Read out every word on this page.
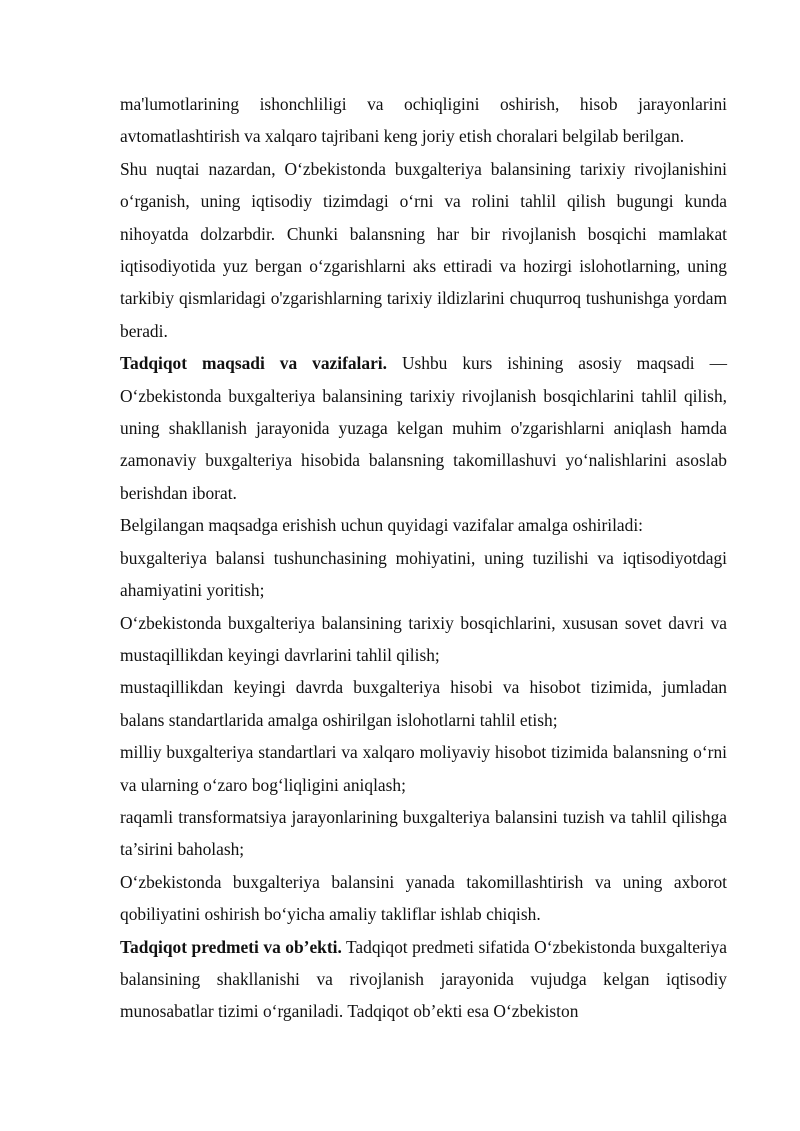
ma'lumotlarining ishonchliligi va ochiqligini oshirish, hisob jarayonlarini avtomatlashtirish va xalqaro tajribani keng joriy etish choralari belgilab berilgan.

Shu nuqtai nazardan, O‘zbekistonda buxgalteriya balansining tarixiy rivojlanishini o‘rganish, uning iqtisodiy tizimdagi o‘rni va rolini tahlil qilish bugungi kunda nihoyatda dolzarbdir. Chunki balansning har bir rivojlanish bosqichi mamlakat iqtisodiyotida yuz bergan o‘zgarishlarni aks ettiradi va hozirgi islohotlarning, uning tarkibiy qismlaridagi o'zgarishlarning tarixiy ildizlarini chuqurroq tushunishga yordam beradi.

Tadqiqot maqsadi va vazifalari. Ushbu kurs ishining asosiy maqsadi — O‘zbekistonda buxgalteriya balansining tarixiy rivojlanish bosqichlarini tahlil qilish, uning shakllanish jarayonida yuzaga kelgan muhim o'zgarishlarni aniqlash hamda zamonaviy buxgalteriya hisobida balansning takomillashuvi yo‘nalishlarini asoslab berishdan iborat.

Belgilangan maqsadga erishish uchun quyidagi vazifalar amalga oshiriladi:

buxgalteriya balansi tushunchasining mohiyatini, uning tuzilishi va iqtisodiyotdagi ahamiyatini yoritish;

O‘zbekistonda buxgalteriya balansining tarixiy bosqichlarini, xususan sovet davri va mustaqillikdan keyingi davrlarini tahlil qilish;

mustaqillikdan keyingi davrda buxgalteriya hisobi va hisobot tizimida, jumladan balans standartlarida amalga oshirilgan islohotlarni tahlil etish;

milliy buxgalteriya standartlari va xalqaro moliyaviy hisobot tizimida balansning o‘rni va ularning o‘zaro bog‘liqligini aniqlash;

raqamli transformatsiya jarayonlarining buxgalteriya balansini tuzish va tahlil qilishga ta’sirini baholash;

O‘zbekistonda buxgalteriya balansini yanada takomillashtirish va uning axborot qobiliyatini oshirish bo‘yicha amaliy takliflar ishlab chiqish.

Tadqiqot predmeti va ob’ekti. Tadqiqot predmeti sifatida O‘zbekistonda buxgalteriya balansining shakllanishi va rivojlanish jarayonida vujudga kelgan iqtisodiy munosabatlar tizimi o‘rganiladi. Tadqiqot ob’ekti esa O‘zbekiston
